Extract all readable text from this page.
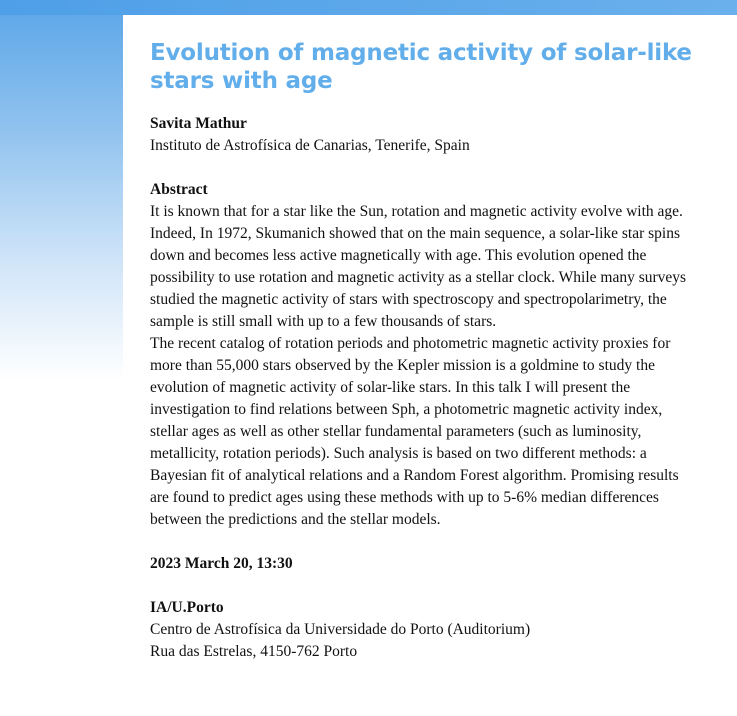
Evolution of magnetic activity of solar-like stars with age

Savita Mathur

Instituto de Astrofísica de Canarias, Tenerife, Spain

Abstract

It is known that for a star like the Sun, rotation and magnetic activity evolve with age. Indeed, In 1972, Skumanich showed that on the main sequence, a solar-like star spins down and becomes less active magnetically with age. This evolution opened the possibility to use rotation and magnetic activity as a stellar clock. While many surveys studied the magnetic activity of stars with spectroscopy and spectropolarimetry, the sample is still small with up to a few thousands of stars.

The recent catalog of rotation periods and photometric magnetic activity proxies for more than 55,000 stars observed by the Kepler mission is a goldmine to study the evolution of magnetic activity of solar-like stars. In this talk I will present the investigation to find relations between Sph, a photometric magnetic activity index, stellar ages as well as other stellar fundamental parameters (such as luminosity, metallicity, rotation periods). Such analysis is based on two different methods: a Bayesian fit of analytical relations and a Random Forest algorithm. Promising results are found to predict ages using these methods with up to 5-6% median differences between the predictions and the stellar models.

2023 March 20, 13:30

IA/U.Porto

Centro de Astrofísica da Universidade do Porto (Auditorium)

Rua das Estrelas, 4150-762 Porto
